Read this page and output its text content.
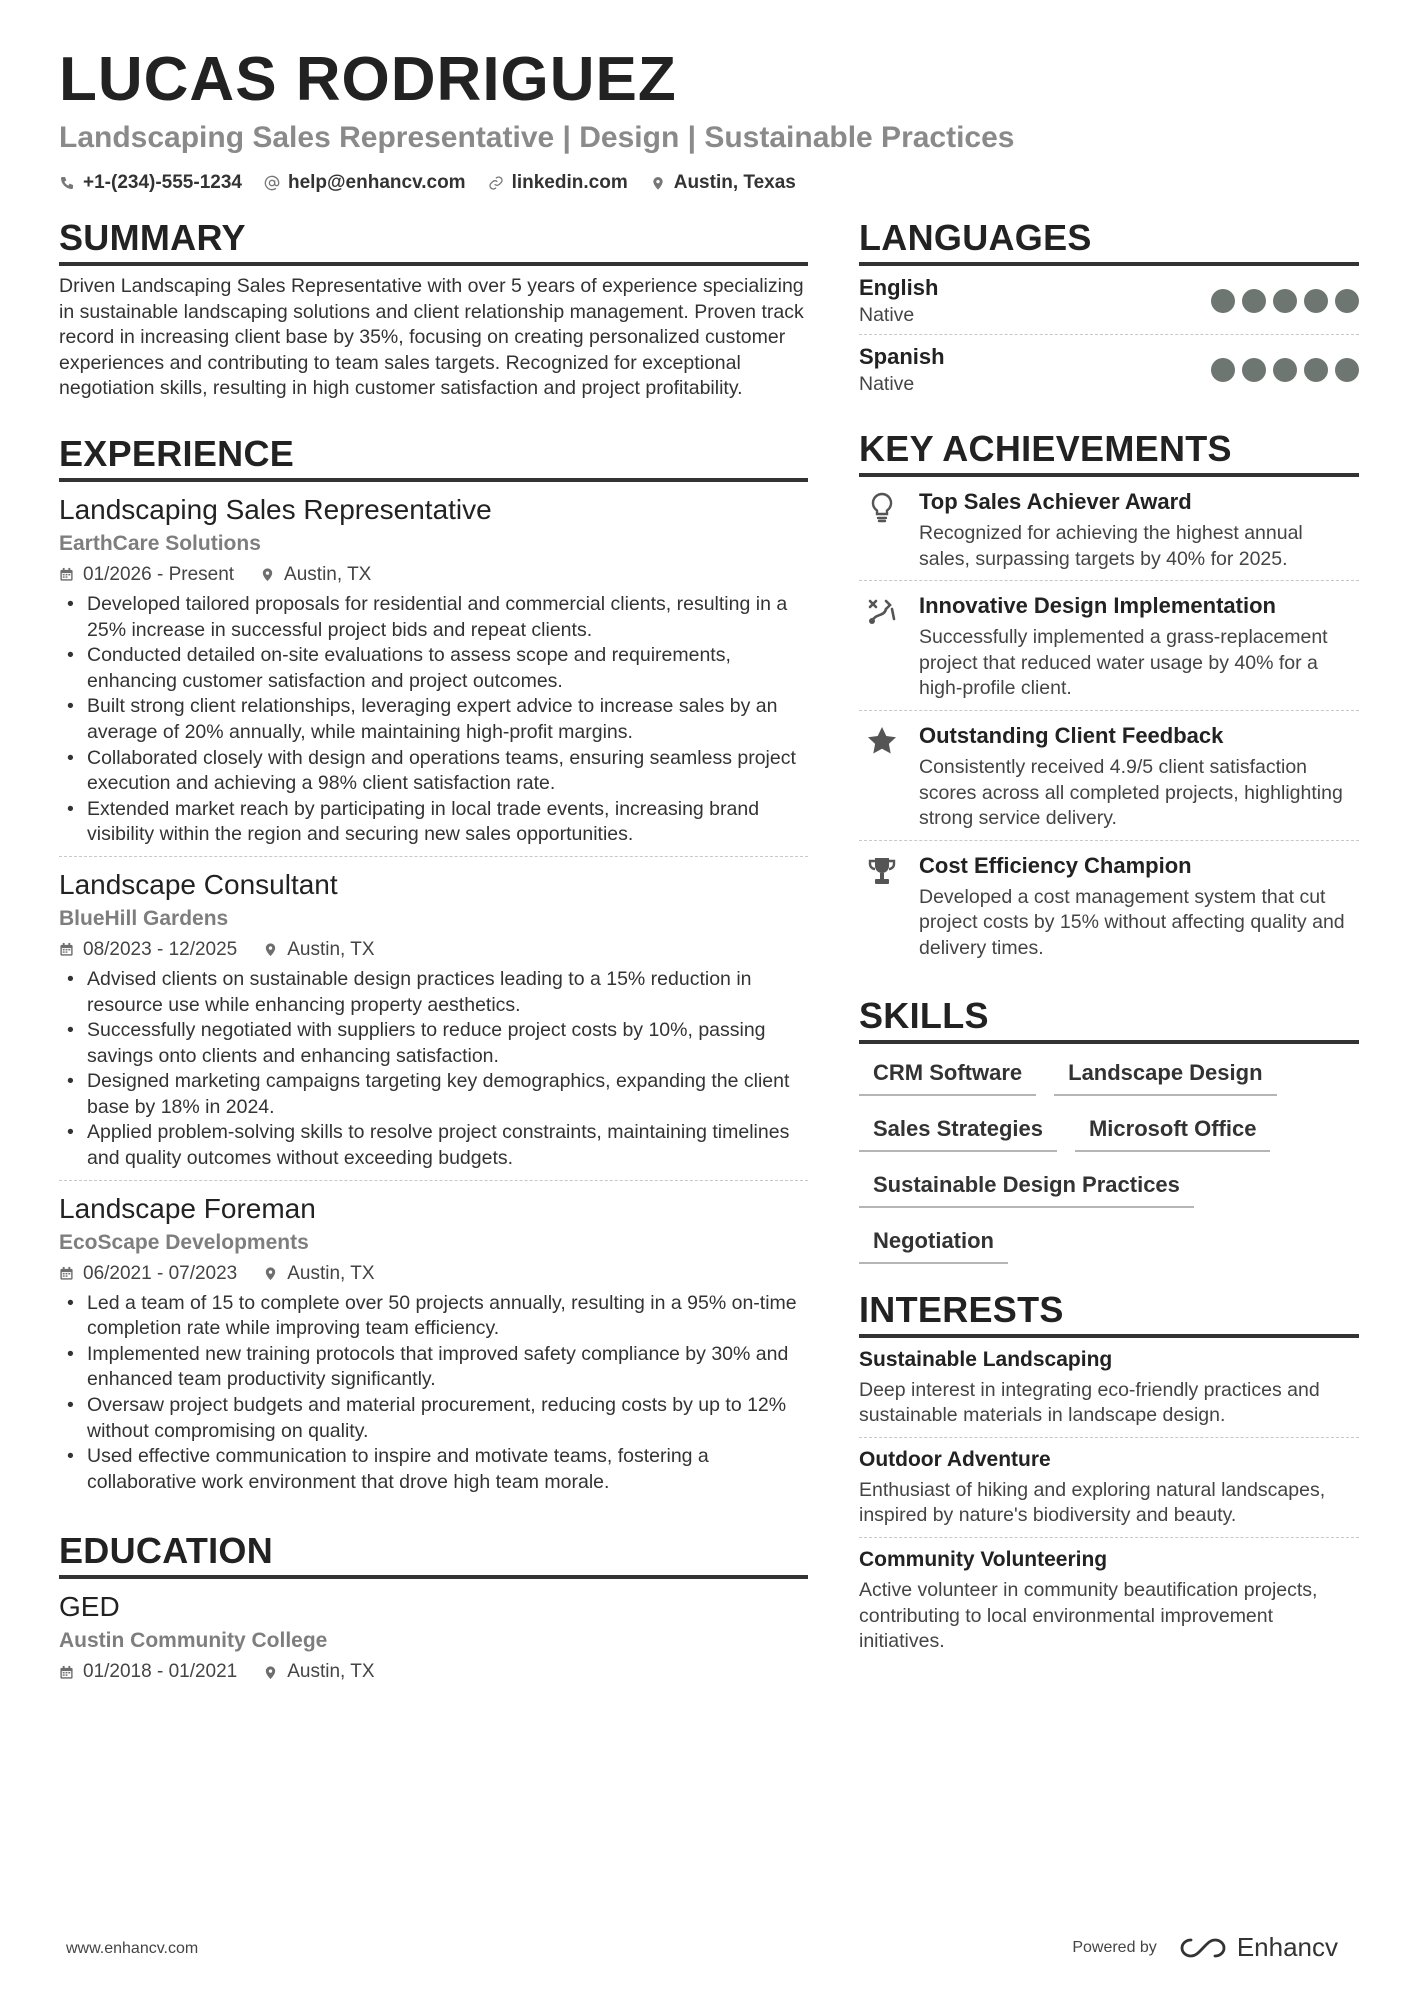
LUCAS RODRIGUEZ
Landscaping Sales Representative | Design | Sustainable Practices
+1-(234)-555-1234 help@enhancv.com linkedin.com Austin, Texas
SUMMARY
Driven Landscaping Sales Representative with over 5 years of experience specializing in sustainable landscaping solutions and client relationship management. Proven track record in increasing client base by 35%, focusing on creating personalized customer experiences and contributing to team sales targets. Recognized for exceptional negotiation skills, resulting in high customer satisfaction and project profitability.
EXPERIENCE
Landscaping Sales Representative
EarthCare Solutions
01/2026 - Present	Austin, TX
• Developed tailored proposals for residential and commercial clients, resulting in a 25% increase in successful project bids and repeat clients.
• Conducted detailed on-site evaluations to assess scope and requirements, enhancing customer satisfaction and project outcomes.
• Built strong client relationships, leveraging expert advice to increase sales by an average of 20% annually, while maintaining high-profit margins.
• Collaborated closely with design and operations teams, ensuring seamless project execution and achieving a 98% client satisfaction rate.
• Extended market reach by participating in local trade events, increasing brand visibility within the region and securing new sales opportunities.
Landscape Consultant
BlueHill Gardens
08/2023 - 12/2025	Austin, TX
• Advised clients on sustainable design practices leading to a 15% reduction in resource use while enhancing property aesthetics.
• Successfully negotiated with suppliers to reduce project costs by 10%, passing savings onto clients and enhancing satisfaction.
• Designed marketing campaigns targeting key demographics, expanding the client base by 18% in 2024.
• Applied problem-solving skills to resolve project constraints, maintaining timelines and quality outcomes without exceeding budgets.
Landscape Foreman
EcoScape Developments
06/2021 - 07/2023	Austin, TX
• Led a team of 15 to complete over 50 projects annually, resulting in a 95% on-time completion rate while improving team efficiency.
• Implemented new training protocols that improved safety compliance by 30% and enhanced team productivity significantly.
• Oversaw project budgets and material procurement, reducing costs by up to 12% without compromising on quality.
• Used effective communication to inspire and motivate teams, fostering a collaborative work environment that drove high team morale.
EDUCATION
GED
Austin Community College
01/2018 - 01/2021	Austin, TX
LANGUAGES
English
Native
Spanish
Native
KEY ACHIEVEMENTS
Top Sales Achiever Award
Recognized for achieving the highest annual sales, surpassing targets by 40% for 2025.
Innovative Design Implementation
Successfully implemented a grass-replacement project that reduced water usage by 40% for a high-profile client.
Outstanding Client Feedback
Consistently received 4.9/5 client satisfaction scores across all completed projects, highlighting strong service delivery.
Cost Efficiency Champion
Developed a cost management system that cut project costs by 15% without affecting quality and delivery times.
SKILLS
CRM Software	Landscape Design
Sales Strategies	Microsoft Office
Sustainable Design Practices
Negotiation
INTERESTS
Sustainable Landscaping
Deep interest in integrating eco-friendly practices and sustainable materials in landscape design.
Outdoor Adventure
Enthusiast of hiking and exploring natural landscapes, inspired by nature's biodiversity and beauty.
Community Volunteering
Active volunteer in community beautification projects, contributing to local environmental improvement initiatives.
www.enhancv.com	Powered by	Enhancv
